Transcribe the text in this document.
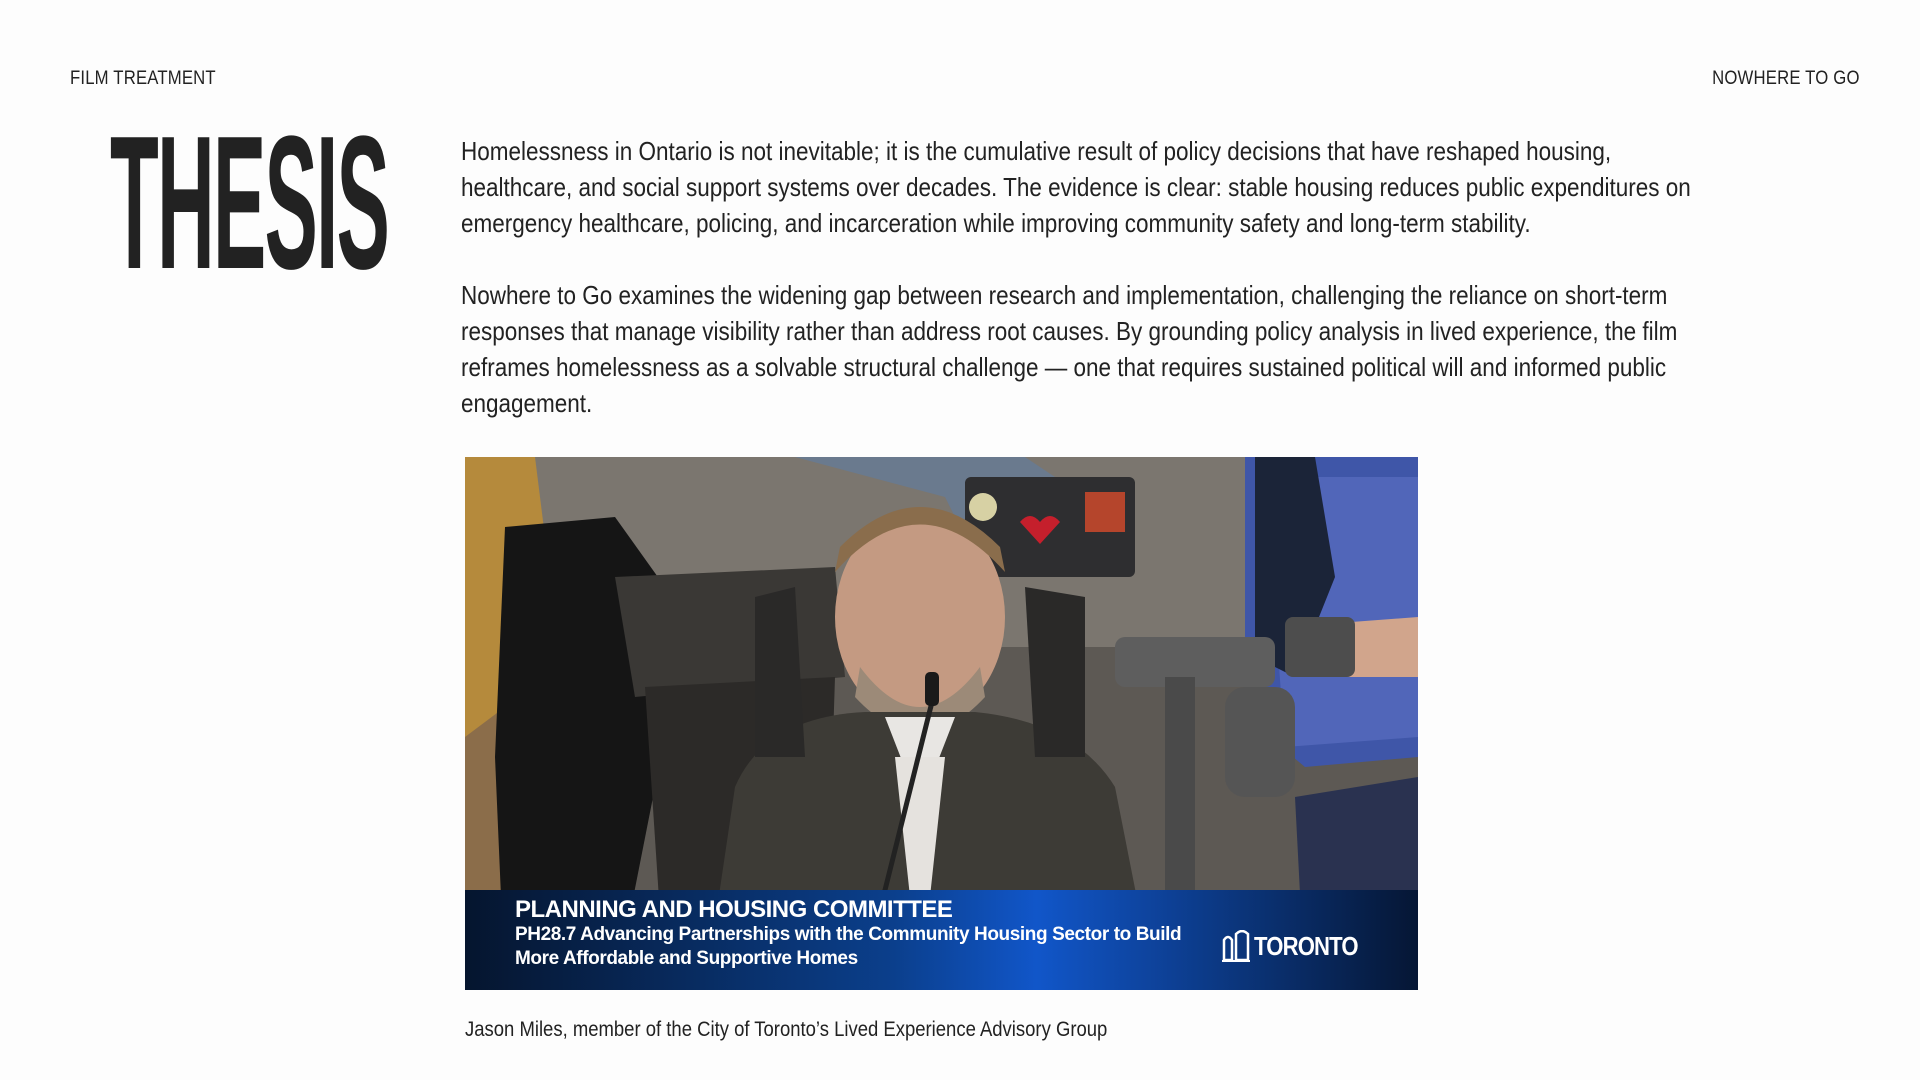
FILM TREATMENT	NOWHERE TO GO
THESIS	Homelessness in Ontario is not inevitable; it is the cumulative result of policy decisions that have reshaped housing, healthcare, and social support systems over decades. The evidence is clear: stable housing reduces public expenditures on emergency healthcare, policing, and incarceration while improving community safety and long-term stability.

Nowhere to Go examines the widening gap between research and implementation, challenging the reliance on short-term responses that manage visibility rather than address root causes. By grounding policy analysis in lived experience, the film reframes homelessness as a solvable structural challenge — one that requires sustained political will and informed public engagement.

PLANNING AND HOUSING COMMITTEE
PH28.7 Advancing Partnerships with the Community Housing Sector to Build
More Affordable and Supportive Homes	TORONTO
Jason Miles, member of the City of Toronto’s Lived Experience Advisory Group
